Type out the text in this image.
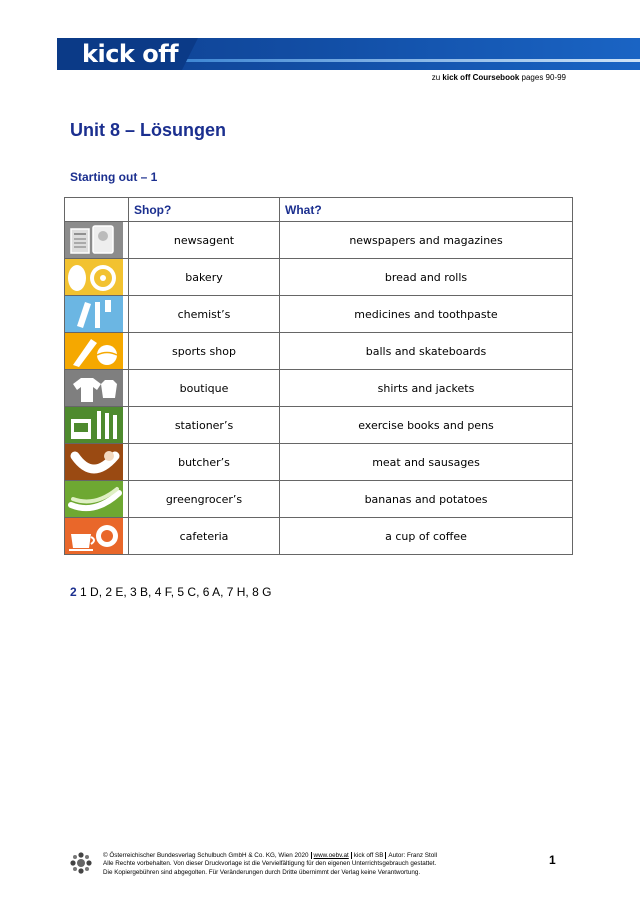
kick off
zu kick off Coursebook pages 90-99
Unit 8 – Lösungen
Starting out – 1
	Shop?	What?

	newsagent	newspapers and magazines

	bakery	bread and rolls

	chemist’s	medicines and toothpaste

	sports shop	balls and skateboards

	boutique	shirts and jackets

	stationer’s	exercise books and pens

	butcher’s	meat and sausages

	greengrocer’s	bananas and potatoes

	cafeteria	a cup of coffee
2 1 D, 2 E, 3 B, 4 F, 5 C, 6 A, 7 H, 8 G
© Österreichischer Bundesverlag Schulbuch GmbH & Co. KG, Wien 2020 www.oebv.at kick off SB Autor: Franz Stoll
Alle Rechte vorbehalten. Von dieser Druckvorlage ist die Vervielfältigung für den eigenen Unterrichtsgebrauch gestattet.
Die Kopiergebühren sind abgegolten. Für Veränderungen durch Dritte übernimmt der Verlag keine Verantwortung.
1
